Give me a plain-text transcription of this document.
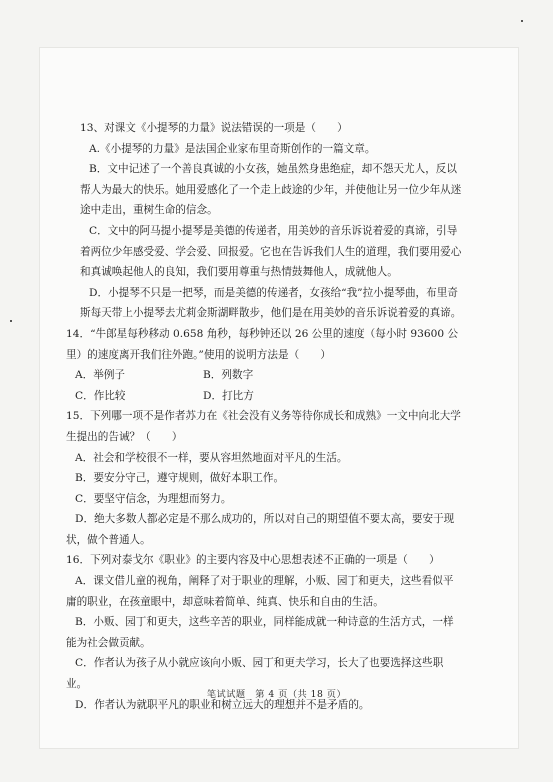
13、对课文《小提琴的力量》说法错误的一项是（　　）

A.《小提琴的力量》是法国企业家布里奇斯创作的一篇文章。

B．文中记述了一个善良真诚的小女孩，她虽然身患绝症，却不怨天尤人，反以帮人为最大的快乐。她用爱感化了一个走上歧途的少年，并使他让另一位少年从迷途中走出，重树生命的信念。

C．文中的阿马提小提琴是美德的传递者，用美妙的音乐诉说着爱的真谛，引导着两位少年感受爱、学会爱、回报爱。它也在告诉我们人生的道理，我们要用爱心和真诚唤起他人的良知，我们要用尊重与热情鼓舞他人，成就他人。

D．小提琴不只是一把琴，而是美德的传递者，女孩给“我”拉小提琴曲，布里奇斯每天带上小提琴去尤莉金斯湖畔散步，他们是在用美妙的音乐诉说着爱的真谛。

14．“牛郎星每秒移动 0.658 角秒，每秒钟还以 26 公里的速度（每小时 93600 公里）的速度离开我们往外跑。”使用的说明方法是（　　）

A．举例子	B．列数字
C．作比较	D．打比方

15．下列哪一项不是作者苏力在《社会没有义务等待你成长和成熟》一文中向北大学生提出的告诫？（　　）

A．社会和学校很不一样，要从容坦然地面对平凡的生活。

B．要安分守己，遵守规则，做好本职工作。

C．要坚守信念，为理想而努力。

D．绝大多数人都必定是不那么成功的，所以对自己的期望值不要太高，要安于现状，做个普通人。

16．下列对泰戈尔《职业》的主要内容及中心思想表述不正确的一项是（　　）

A．课文借儿童的视角，阐释了对于职业的理解，小贩、园丁和更夫，这些看似平庸的职业，在孩童眼中，却意味着简单、纯真、快乐和自由的生活。

B．小贩、园丁和更夫，这些辛苦的职业，同样能成就一种诗意的生活方式，一样能为社会做贡献。

C．作者认为孩子从小就应该向小贩、园丁和更夫学习，长大了也要选择这些职业。

D．作者认为就职平凡的职业和树立远大的理想并不是矛盾的。

笔试试题　第 4 页（共 18 页）
